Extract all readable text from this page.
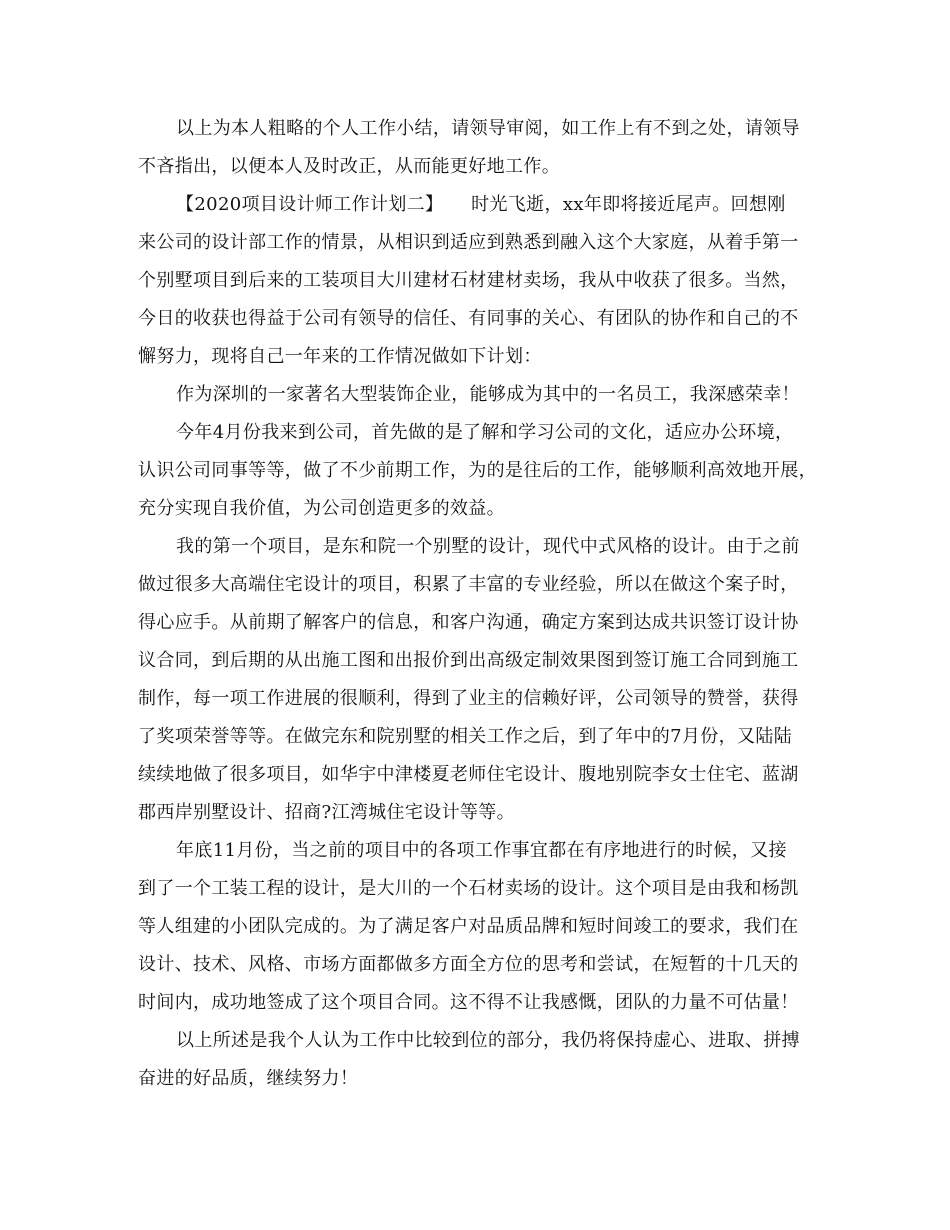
以上为本人粗略的个人工作小结，请领导审阅，如工作上有不到之处，请领导
不吝指出，以便本人及时改正，从而能更好地工作。
【2020项目设计师工作计划二】　　时光飞逝，xx年即将接近尾声。回想刚
来公司的设计部工作的情景，从相识到适应到熟悉到融入这个大家庭，从着手第一
个别墅项目到后来的工装项目大川建材石材建材卖场，我从中收获了很多。当然，
今日的收获也得益于公司有领导的信任、有同事的关心、有团队的协作和自己的不
懈努力，现将自己一年来的工作情况做如下计划：
作为深圳的一家著名大型装饰企业，能够成为其中的一名员工，我深感荣幸！
今年4月份我来到公司，首先做的是了解和学习公司的文化，适应办公环境，
认识公司同事等等，做了不少前期工作，为的是往后的工作，能够顺利高效地开展，
充分实现自我价值，为公司创造更多的效益。
我的第一个项目，是东和院一个别墅的设计，现代中式风格的设计。由于之前
做过很多大高端住宅设计的项目，积累了丰富的专业经验，所以在做这个案子时，
得心应手。从前期了解客户的信息，和客户沟通，确定方案到达成共识签订设计协
议合同，到后期的从出施工图和出报价到出高级定制效果图到签订施工合同到施工
制作，每一项工作进展的很顺利，得到了业主的信赖好评，公司领导的赞誉，获得
了奖项荣誉等等。在做完东和院别墅的相关工作之后，到了年中的7月份，又陆陆
续续地做了很多项目，如华宇中津楼夏老师住宅设计、腹地别院李女士住宅、蓝湖
郡西岸别墅设计、招商?江湾城住宅设计等等。
年底11月份，当之前的项目中的各项工作事宜都在有序地进行的时候，又接
到了一个工装工程的设计，是大川的一个石材卖场的设计。这个项目是由我和杨凯
等人组建的小团队完成的。为了满足客户对品质品牌和短时间竣工的要求，我们在
设计、技术、风格、市场方面都做多方面全方位的思考和尝试，在短暂的十几天的
时间内，成功地签成了这个项目合同。这不得不让我感慨，团队的力量不可估量！
以上所述是我个人认为工作中比较到位的部分，我仍将保持虚心、进取、拼搏
奋进的好品质，继续努力！
